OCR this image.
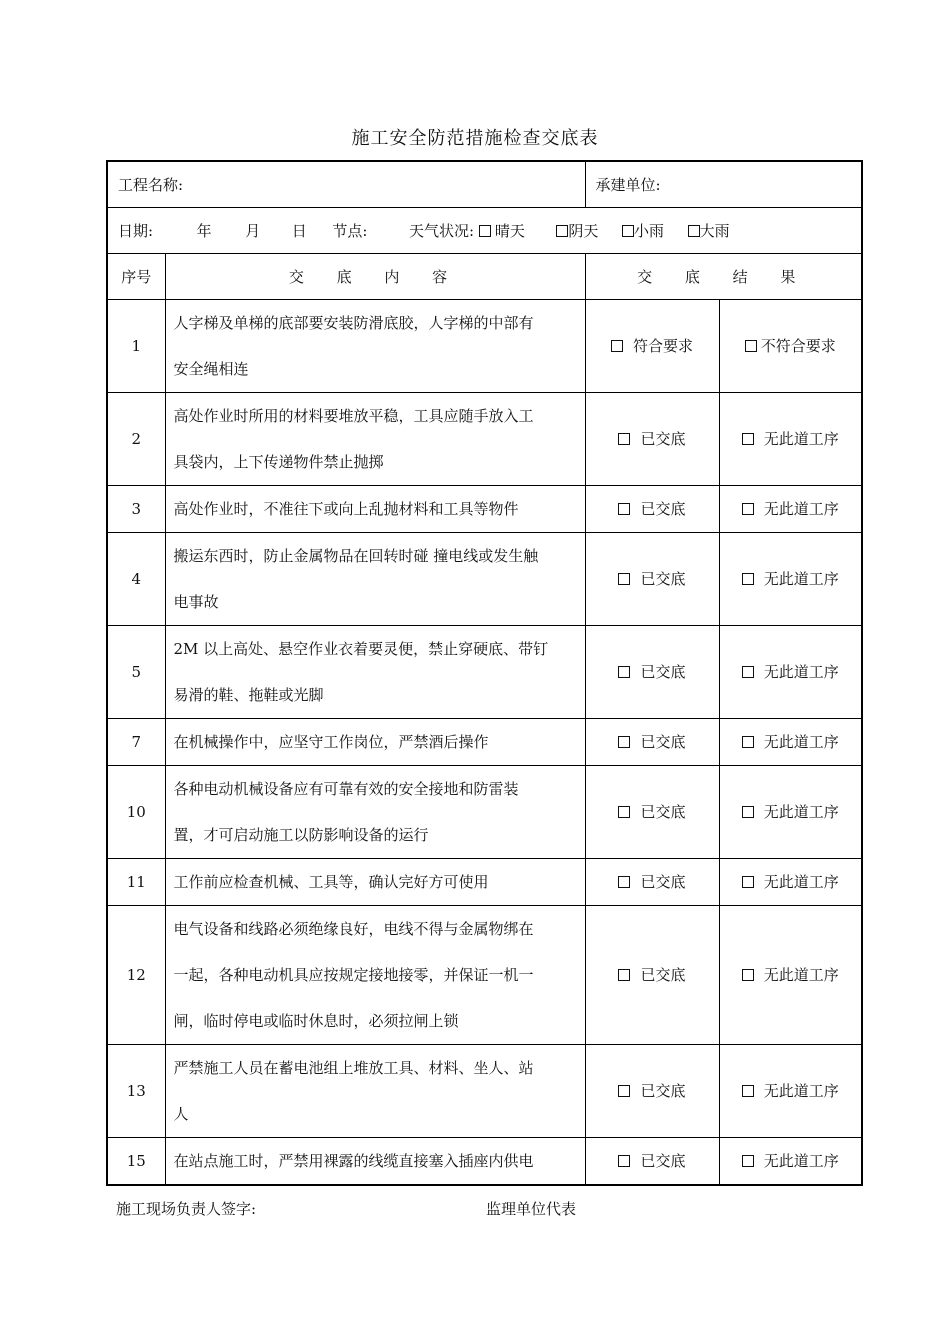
施工安全防范措施检查交底表
工程名称:		承建单位:	
日期: 年 月 日 节点: 天气状况: 晴天 阴天 小雨 大雨			
序号	交 底 内 容	交 底 结 果	
1	人字梯及单梯的底部要安装防滑底胶，人字梯的中部有
安全绳相连	符合要求	不符合要求
2	高处作业时所用的材料要堆放平稳，工具应随手放入工
具袋内，上下传递物件禁止抛掷	已交底	无此道工序
3	高处作业时，不准往下或向上乱抛材料和工具等物件	已交底	无此道工序
4	搬运东西时，防止金属物品在回转时碰 撞电线或发生触
电事故	已交底	无此道工序
5	2M 以上高处、悬空作业衣着要灵便，禁止穿硬底、带钉
易滑的鞋、拖鞋或光脚	已交底	无此道工序
7	在机械操作中，应坚守工作岗位，严禁酒后操作	已交底	无此道工序
10	各种电动机械设备应有可靠有效的安全接地和防雷装
置，才可启动施工以防影响设备的运行	已交底	无此道工序
11	工作前应检查机械、工具等，确认完好方可使用	已交底	无此道工序
12	电气设备和线路必须绝缘良好，电线不得与金属物绑在
一起，各种电动机具应按规定接地接零，并保证一机一
闸，临时停电或临时休息时，必须拉闸上锁	已交底	无此道工序
13	严禁施工人员在蓄电池组上堆放工具、材料、坐人、站
人	已交底	无此道工序
15	在站点施工时，严禁用裸露的线缆直接塞入插座内供电	已交底	无此道工序
施工现场负责人签字:	监理单位代表
